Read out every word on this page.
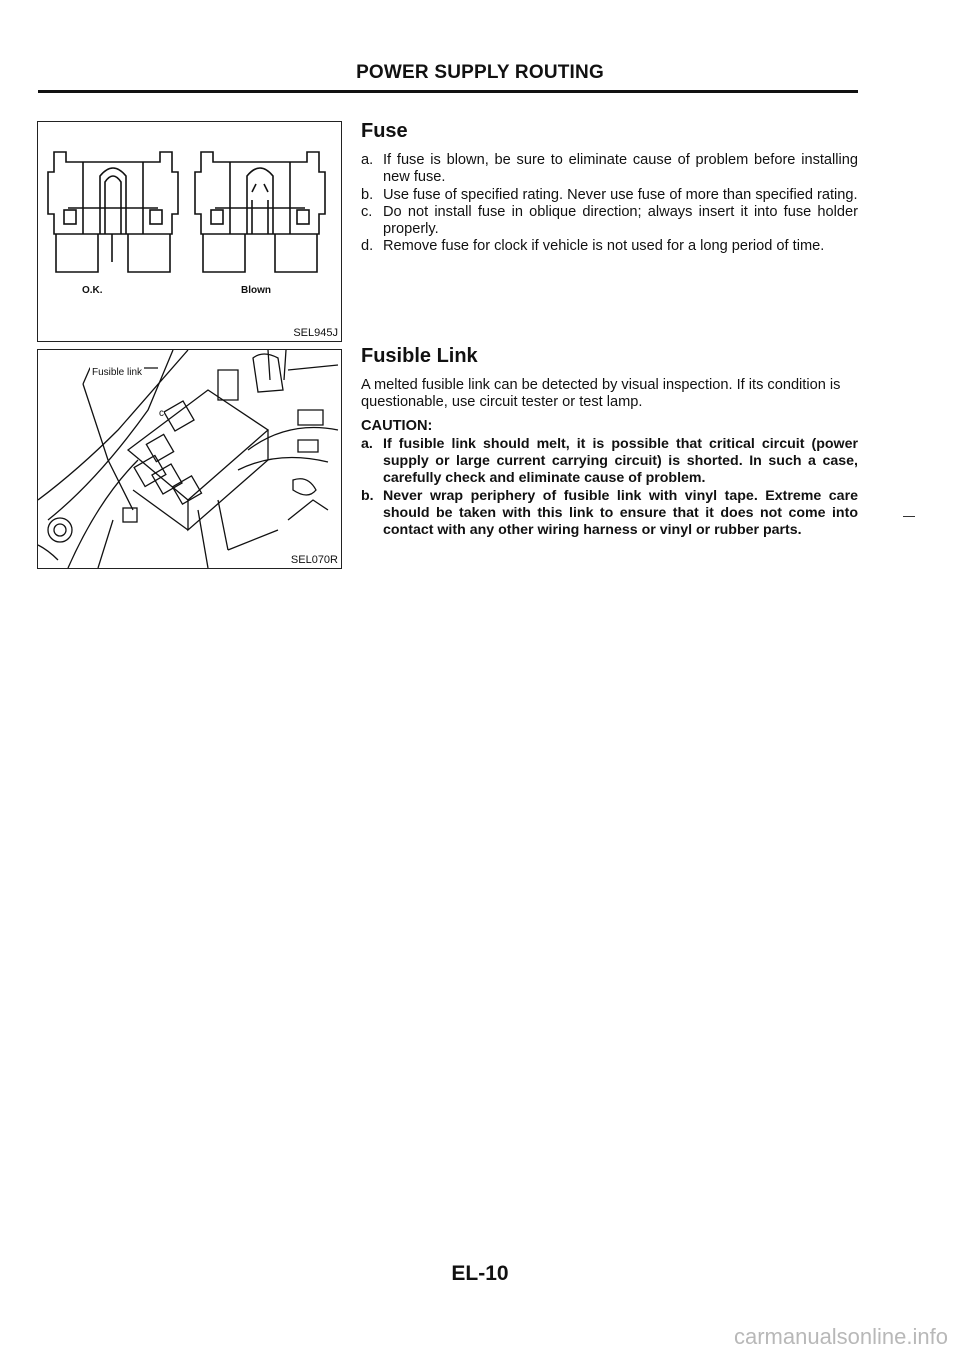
POWER SUPPLY ROUTING
O.K.	Blown
SEL945J
Fusible link
c
SEL070R
Fuse
a. If fuse is blown, be sure to eliminate cause of problem before installing new fuse.
b. Use fuse of specified rating. Never use fuse of more than specified rating.
c. Do not install fuse in oblique direction; always insert it into fuse holder properly.
d. Remove fuse for clock if vehicle is not used for a long period of time.
Fusible Link

A melted fusible link can be detected by visual inspection. If its condition is questionable, use circuit tester or test lamp.

CAUTION:
a. If fusible link should melt, it is possible that critical circuit (power supply or large current carrying circuit) is shorted. In such a case, carefully check and eliminate cause of problem.
b. Never wrap periphery of fusible link with vinyl tape. Extreme care should be taken with this link to ensure that it does not come into contact with any other wiring harness or vinyl or rubber parts.
EL-10
carmanualsonline.info
